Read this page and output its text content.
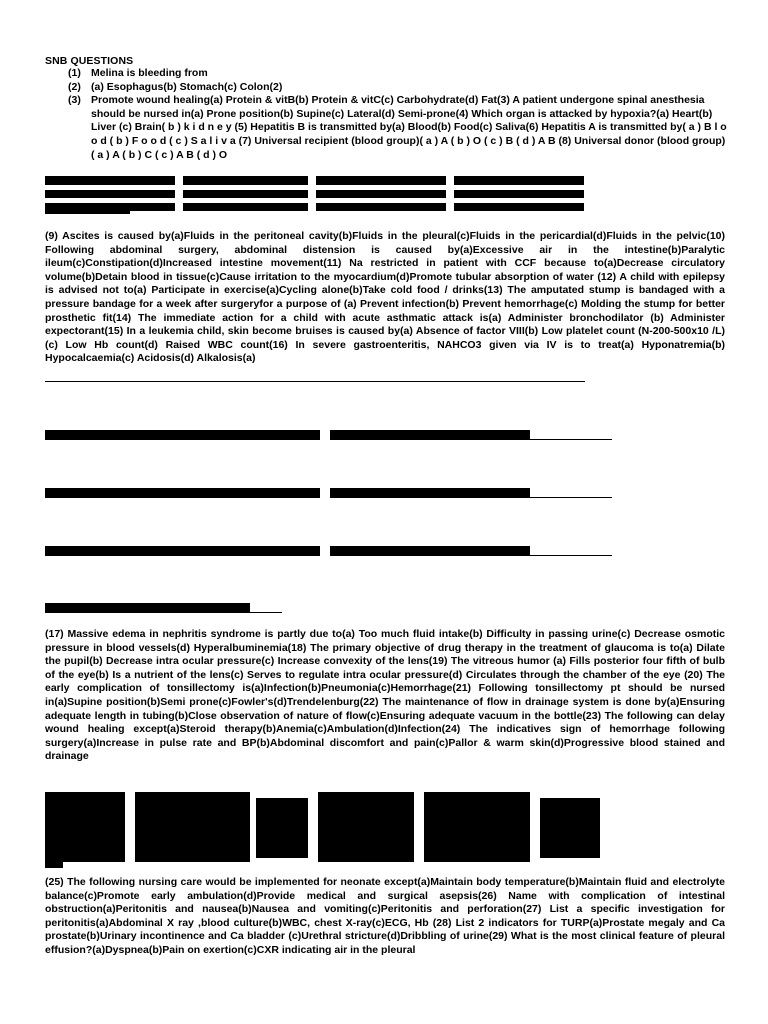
SNB QUESTIONS
(1) Melina is bleeding from
(2) (a) Esophagus(b) Stomach(c) Colon(2)
(3) Promote wound healing(a) Protein & vitB(b) Protein & vitC(c) Carbohydrate(d) Fat(3) A patient undergone spinal anesthesia should be nursed in(a) Prone position(b) Supine(c) Lateral(d) Semi-prone(4) Which organ is attacked by hypoxia?(a) Heart(b) Liver (c) Brain( b ) k i d n e y (5) Hepatitis B is transmitted by(a) Blood(b) Food(c) Saliva(6) Hepatitis A is transmitted by( a ) B l o o d ( b ) F o o d ( c ) S a l i v a (7) Universal recipient (blood group)( a ) A ( b ) O ( c ) B ( d ) A B (8) Universal donor (blood group) ( a ) A ( b ) C ( c ) A B ( d ) O
(9) Ascites is caused by(a)Fluids in the peritoneal cavity(b)Fluids in the pleural(c)Fluids in the pericardial(d)Fluids in the pelvic(10) Following abdominal surgery, abdominal distension is caused by(a)Excessive air in the intestine(b)Paralytic ileum(c)Constipation(d)Increased intestine movement(11) Na restricted in patient with CCF because to(a)Decrease circulatory volume(b)Detain blood in tissue(c)Cause irritation to the myocardium(d)Promote tubular absorption of water (12) A child with epilepsy is advised not to(a) Participate in exercise(a)Cycling alone(b)Take cold food / drinks(13) The amputated stump is bandaged with a pressure bandage for a week after surgeryfor a purpose of (a) Prevent infection(b) Prevent hemorrhage(c) Molding the stump for better prosthetic fit(14) The immediate action for a child with acute asthmatic attack is(a) Administer bronchodilator (b) Administer expectorant(15) In a leukemia child, skin become bruises is caused by(a) Absence of factor VIII(b) Low platelet count (N-200-500x10 /L)(c) Low Hb count(d) Raised WBC count(16) In severe gastroenteritis, NAHCO3 given via IV is to treat(a) Hyponatremia(b) Hypocalcaemia(c) Acidosis(d) Alkalosis(a)
(17) Massive edema in nephritis syndrome is partly due to(a) Too much fluid intake(b) Difficulty in passing urine(c) Decrease osmotic pressure in blood vessels(d) Hyperalbuminemia(18) The primary objective of drug therapy in the treatment of glaucoma is to(a) Dilate the pupil(b) Decrease intra ocular pressure(c) Increase convexity of the lens(19) The vitreous humor (a) Fills posterior four fifth of bulb of the eye(b) Is a nutrient of the lens(c) Serves to regulate intra ocular pressure(d) Circulates through the chamber of the eye (20) The early complication of tonsillectomy is(a)Infection(b)Pneumonia(c)Hemorrhage(21) Following tonsillectomy pt should be nursed in(a)Supine position(b)Semi prone(c)Fowler's(d)Trendelenburg(22) The maintenance of flow in drainage system is done by(a)Ensuring adequate length in tubing(b)Close observation of nature of flow(c)Ensuring adequate vacuum in the bottle(23) The following can delay wound healing except(a)Steroid therapy(b)Anemia(c)Ambulation(d)Infection(24) The indicatives sign of hemorrhage following surgery(a)Increase in pulse rate and BP(b)Abdominal discomfort and pain(c)Pallor & warm skin(d)Progressive blood stained and drainage
(25) The following nursing care would be implemented for neonate except(a)Maintain body temperature(b)Maintain fluid and electrolyte balance(c)Promote early ambulation(d)Provide medical and surgical asepsis(26) Name with complication of intestinal obstruction(a)Peritonitis and nausea(b)Nausea and vomiting(c)Peritonitis and perforation(27) List a specific investigation for peritonitis(a)Abdominal X ray ,blood culture(b)WBC, chest X-ray(c)ECG, Hb (28) List 2 indicators for TURP(a)Prostate megaly and Ca prostate(b)Urinary incontinence and Ca bladder (c)Urethral stricture(d)Dribbling of urine(29) What is the most clinical feature of pleural effusion?(a)Dyspnea(b)Pain on exertion(c)CXR indicating air in the pleural
